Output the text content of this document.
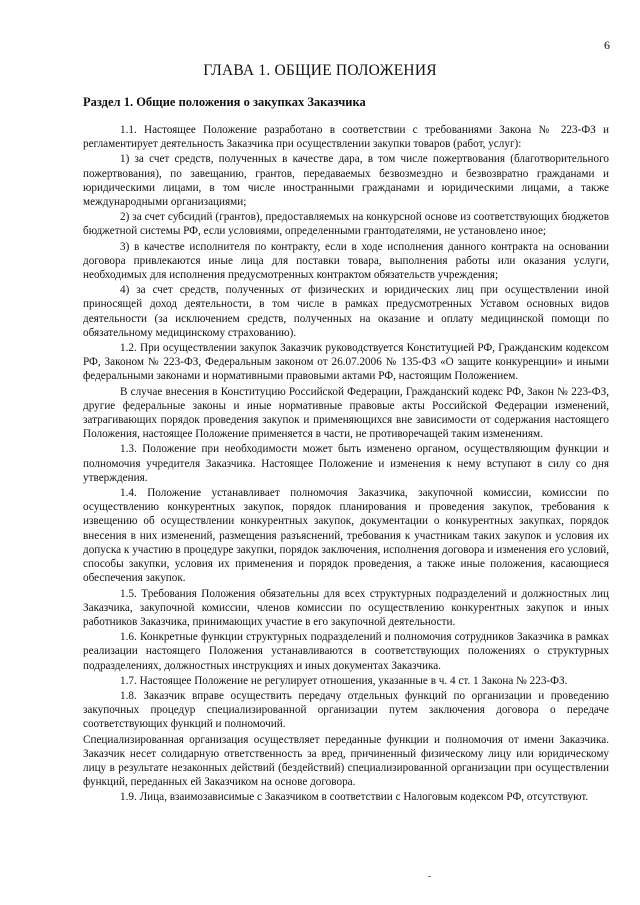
6
ГЛАВА 1. ОБЩИЕ ПОЛОЖЕНИЯ
Раздел 1. Общие положения о закупках Заказчика

1.1. Настоящее Положение разработано в соответствии с требованиями Закона № 223-ФЗ и регламентирует деятельность Заказчика при осуществлении закупки товаров (работ, услуг):

1) за счет средств, полученных в качестве дара, в том числе пожертвования (благотворительного пожертвования), по завещанию, грантов, передаваемых безвозмездно и безвозвратно гражданами и юридическими лицами, в том числе иностранными гражданами и юридическими лицами, а также международными организациями;

2) за счет субсидий (грантов), предоставляемых на конкурсной основе из соответствующих бюджетов бюджетной системы РФ, если условиями, определенными грантодателями, не установлено иное;

3) в качестве исполнителя по контракту, если в ходе исполнения данного контракта на основании договора привлекаются иные лица для поставки товара, выполнения работы или оказания услуги, необходимых для исполнения предусмотренных контрактом обязательств учреждения;

4) за счет средств, полученных от физических и юридических лиц при осуществлении иной приносящей доход деятельности, в том числе в рамках предусмотренных Уставом основных видов деятельности (за исключением средств, полученных на оказание и оплату медицинской помощи по обязательному медицинскому страхованию).

1.2. При осуществлении закупок Заказчик руководствуется Конституцией РФ, Гражданским кодексом РФ, Законом № 223-ФЗ, Федеральным законом от 26.07.2006 № 135-ФЗ «О защите конкуренции» и иными федеральными законами и нормативными правовыми актами РФ, настоящим Положением.

В случае внесения в Конституцию Российской Федерации, Гражданский кодекс РФ, Закон № 223-ФЗ, другие федеральные законы и иные нормативные правовые акты Российской Федерации изменений, затрагивающих порядок проведения закупок и применяющихся вне зависимости от содержания настоящего Положения, настоящее Положение применяется в части, не противоречащей таким изменениям.

1.3. Положение при необходимости может быть изменено органом, осуществляющим функции и полномочия учредителя Заказчика. Настоящее Положение и изменения к нему вступают в силу со дня утверждения.

1.4. Положение устанавливает полномочия Заказчика, закупочной комиссии, комиссии по осуществлению конкурентных закупок, порядок планирования и проведения закупок, требования к извещению об осуществлении конкурентных закупок, документации о конкурентных закупках, порядок внесения в них изменений, размещения разъяснений, требования к участникам таких закупок и условия их допуска к участию в процедуре закупки, порядок заключения, исполнения договора и изменения его условий, способы закупки, условия их применения и порядок проведения, а также иные положения, касающиеся обеспечения закупок.

1.5. Требования Положения обязательны для всех структурных подразделений и должностных лиц Заказчика, закупочной комиссии, членов комиссии по осуществлению конкурентных закупок и иных работников Заказчика, принимающих участие в его закупочной деятельности.

1.6. Конкретные функции структурных подразделений и полномочия сотрудников Заказчика в рамках реализации настоящего Положения устанавливаются в соответствующих положениях о структурных подразделениях, должностных инструкциях и иных документах Заказчика.

1.7. Настоящее Положение не регулирует отношения, указанные в ч. 4 ст. 1 Закона № 223-ФЗ.

1.8. Заказчик вправе осуществить передачу отдельных функций по организации и проведению закупочных процедур специализированной организации путем заключения договора о передаче соответствующих функций и полномочий.

Специализированная организация осуществляет переданные функции и полномочия от имени Заказчика. Заказчик несет солидарную ответственность за вред, причиненный физическому лицу или юридическому лицу в результате незаконных действий (бездействий) специализированной организации при осуществлении функций, переданных ей Заказчиком на основе договора.

1.9. Лица, взаимозависимые с Заказчиком в соответствии с Налоговым кодексом РФ, отсутствуют.
